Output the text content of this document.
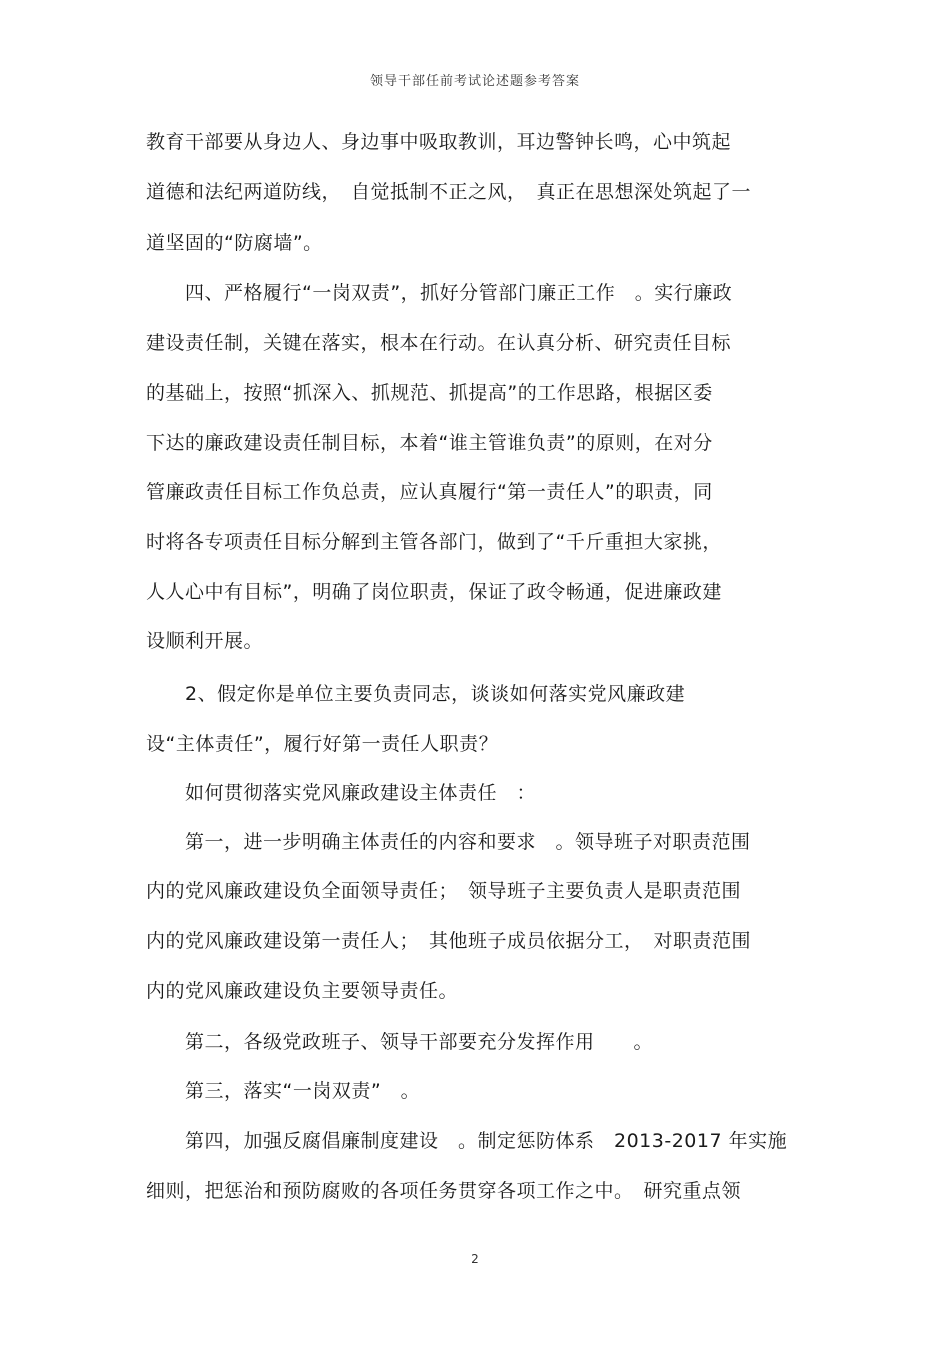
领导干部任前考试论述题参考答案
教育干部要从身边人、身边事中吸取教训，耳边警钟长鸣，心中筑起
道德和法纪两道防线，　自觉抵制不正之风，　真正在思想深处筑起了一
道坚固的“防腐墙”。
　　四、严格履行“一岗双责”，抓好分管部门廉正工作　。实行廉政
建设责任制，关键在落实，根本在行动。在认真分析、研究责任目标
的基础上，按照“抓深入、抓规范、抓提高”的工作思路，根据区委
下达的廉政建设责任制目标，本着“谁主管谁负责”的原则，在对分
管廉政责任目标工作负总责，应认真履行“第一责任人”的职责，同
时将各专项责任目标分解到主管各部门，做到了“千斤重担大家挑，
人人心中有目标”，明确了岗位职责，保证了政令畅通，促进廉政建
设顺利开展。
　　2、假定你是单位主要负责同志，谈谈如何落实党风廉政建
设“主体责任”，履行好第一责任人职责？
　　如何贯彻落实党风廉政建设主体责任　：
　　第一，进一步明确主体责任的内容和要求　。领导班子对职责范围
内的党风廉政建设负全面领导责任；　领导班子主要负责人是职责范围
内的党风廉政建设第一责任人；　其他班子成员依据分工，　对职责范围
内的党风廉政建设负主要领导责任。
　　第二，各级党政班子、领导干部要充分发挥作用　　。
　　第三，落实“一岗双责”　。
　　第四，加强反腐倡廉制度建设　。制定惩防体系　2013-2017 年实施
细则，把惩治和预防腐败的各项任务贯穿各项工作之中。　研究重点领
2
